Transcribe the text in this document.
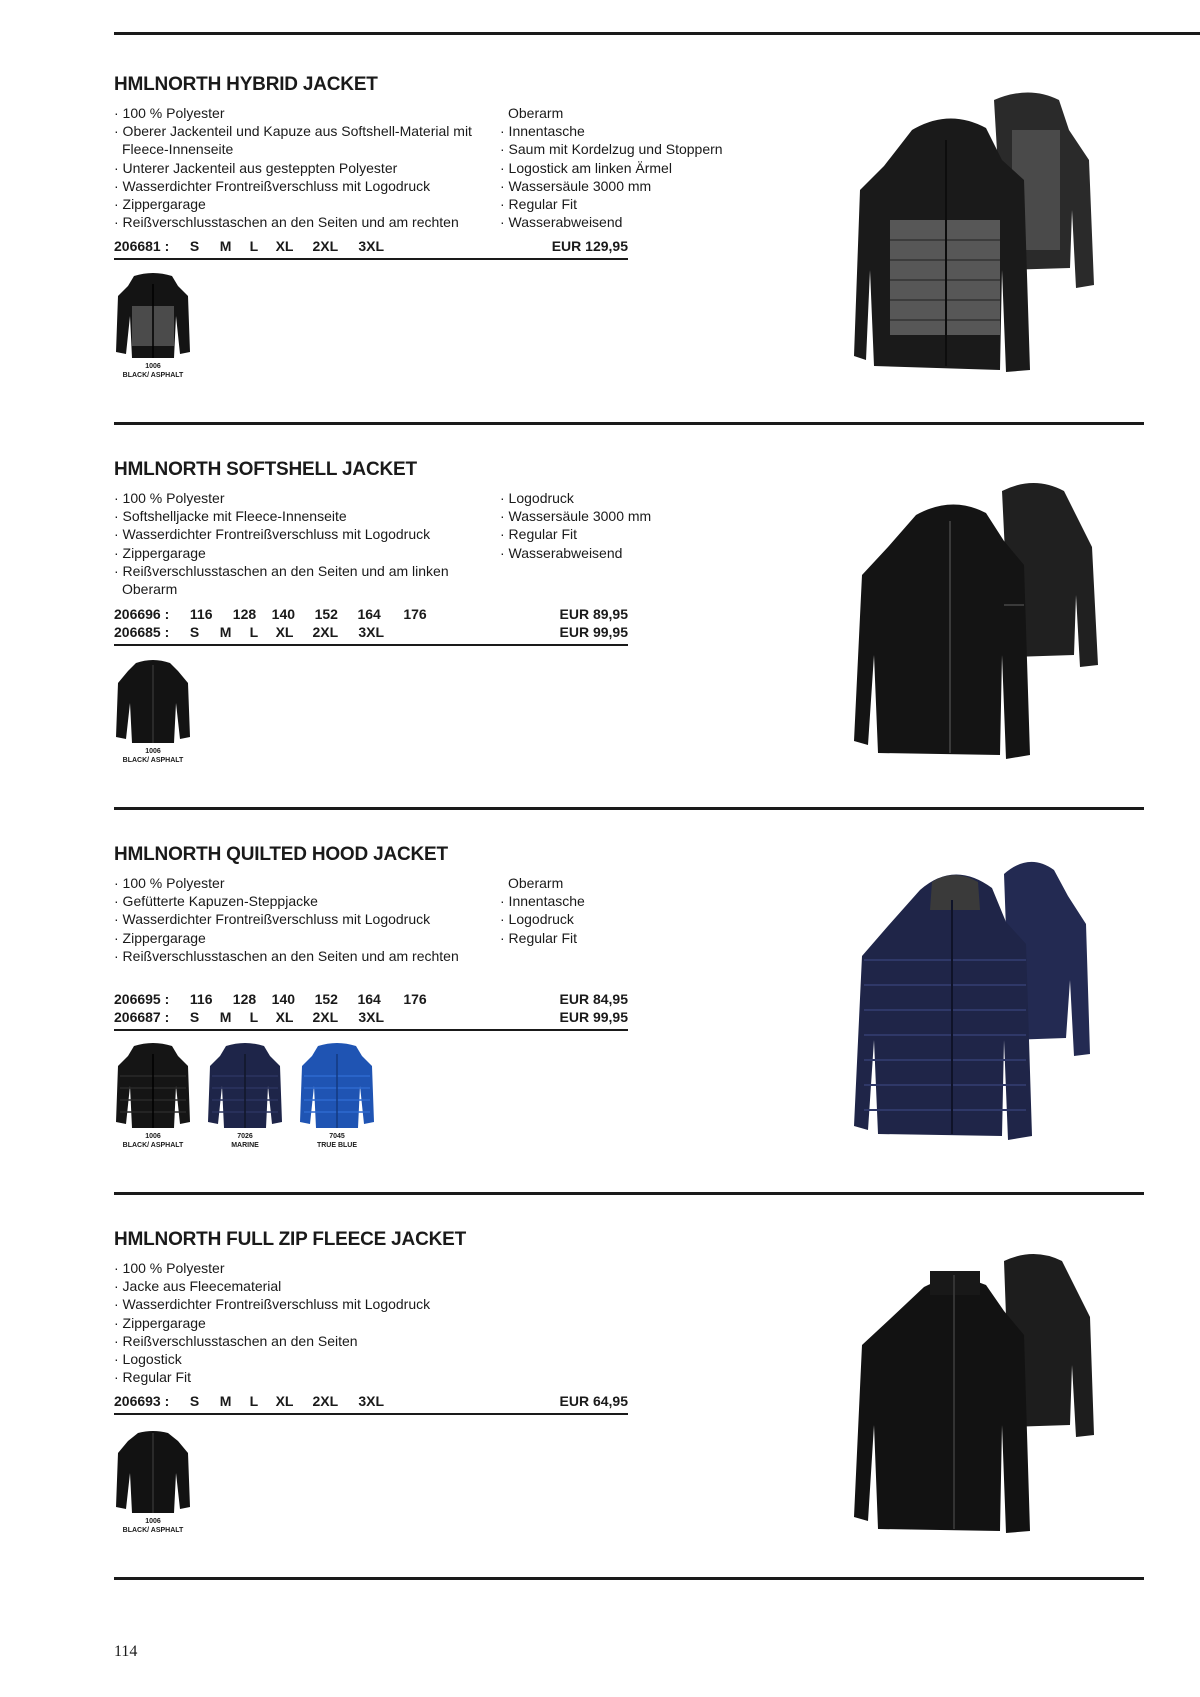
HMLNORTH HYBRID JACKET
· 100 % Polyester
· Oberer Jackenteil und Kapuze aus Softshell-Material mit Fleece-Innenseite
· Unterer Jackenteil aus gesteppten Polyester
· Wasserdichter Frontreißverschluss mit Logodruck
· Zippergarage
· Reißverschlusstaschen an den Seiten und am rechten
Oberarm
· Innentasche
· Saum mit Kordelzug und Stoppern
· Logostick am linken Ärmel
· Wassersäule 3000 mm
· Regular Fit
· Wasserabweisend
206681 : S M L XL 2XL 3XL	EUR 129,95
1006
BLACK/ ASPHALT
HMLNORTH SOFTSHELL JACKET
· 100 % Polyester
· Softshelljacke mit Fleece-Innenseite
· Wasserdichter Frontreißverschluss mit Logodruck
· Zippergarage
· Reißverschlusstaschen an den Seiten und am linken Oberarm
· Logodruck
· Wassersäule 3000 mm
· Regular Fit
· Wasserabweisend
206696 : 116 128 140 152 164 176	EUR 89,95
206685 : S M L XL 2XL 3XL	EUR 99,95
1006
BLACK/ ASPHALT
HMLNORTH QUILTED HOOD JACKET
· 100 % Polyester
· Gefütterte Kapuzen-Steppjacke
· Wasserdichter Frontreißverschluss mit Logodruck
· Zippergarage
· Reißverschlusstaschen an den Seiten und am rechten
Oberarm
· Innentasche
· Logodruck
· Regular Fit
206695 : 116 128 140 152 164 176	EUR 84,95
206687 : S M L XL 2XL 3XL	EUR 99,95
1006
BLACK/ ASPHALT
7026
MARINE
7045
TRUE BLUE
HMLNORTH FULL ZIP FLEECE JACKET
· 100 % Polyester
· Jacke aus Fleecematerial
· Wasserdichter Frontreißverschluss mit Logodruck
· Zippergarage
· Reißverschlusstaschen an den Seiten
· Logostick
· Regular Fit
206693 : S M L XL 2XL 3XL	EUR 64,95
1006
BLACK/ ASPHALT
114
